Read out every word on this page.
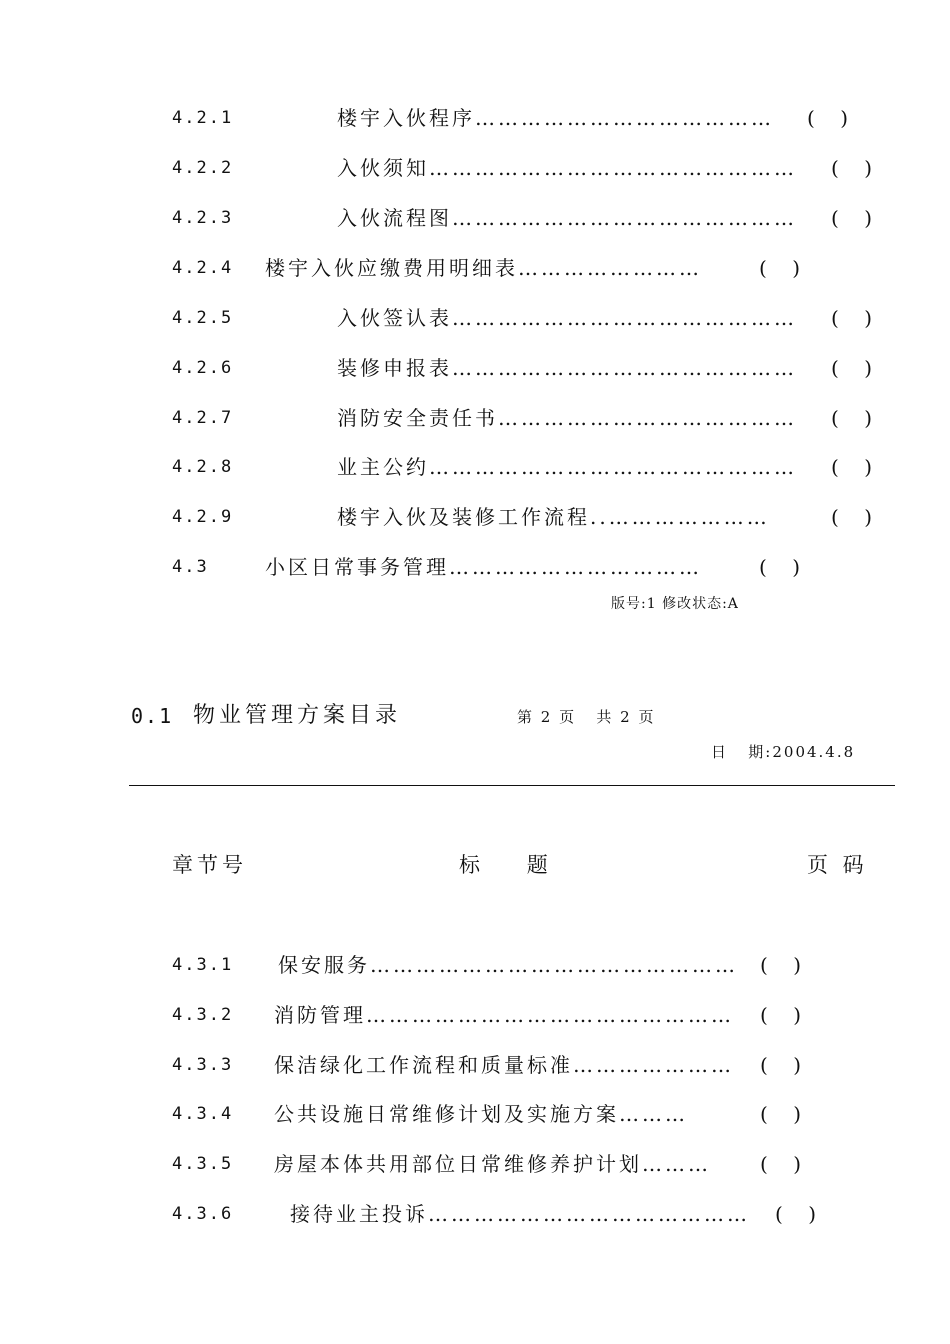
4.2.1	楼宇入伙程序………………………………… (    )
4.2.2	入伙须知………………………………………… (    )
4.2.3	入伙流程图……………………………………… (    )
4.2.4 楼宇入伙应缴费用明细表……………………	(    )
4.2.5	入伙签认表……………………………………… (    )
4.2.6	装修申报表……………………………………… (    )
4.2.7	消防安全责任书………………………………… (    )
4.2.8	业主公约………………………………………… (    )
4.2.9	楼宇入伙及装修工作流程..…………………	(    )
4.3	小区日常事务管理……………………………	(    )
版号:1 修改状态:A
0.1 物业管理方案目录	第 2 页   共 2 页
日   期:2004.4.8
章节号	标    题	页 码
4.3.1 保安服务………………………………………… (    )
4.3.2 消防管理………………………………………… (    )
4.3.3 保洁绿化工作流程和质量标准………………… (    )
4.3.4 公共设施日常维修计划及实施方案………	(    )
4.3.5 房屋本体共用部位日常维修养护计划……… (    )
4.3.6	接待业主投诉…………………………………… (    )
